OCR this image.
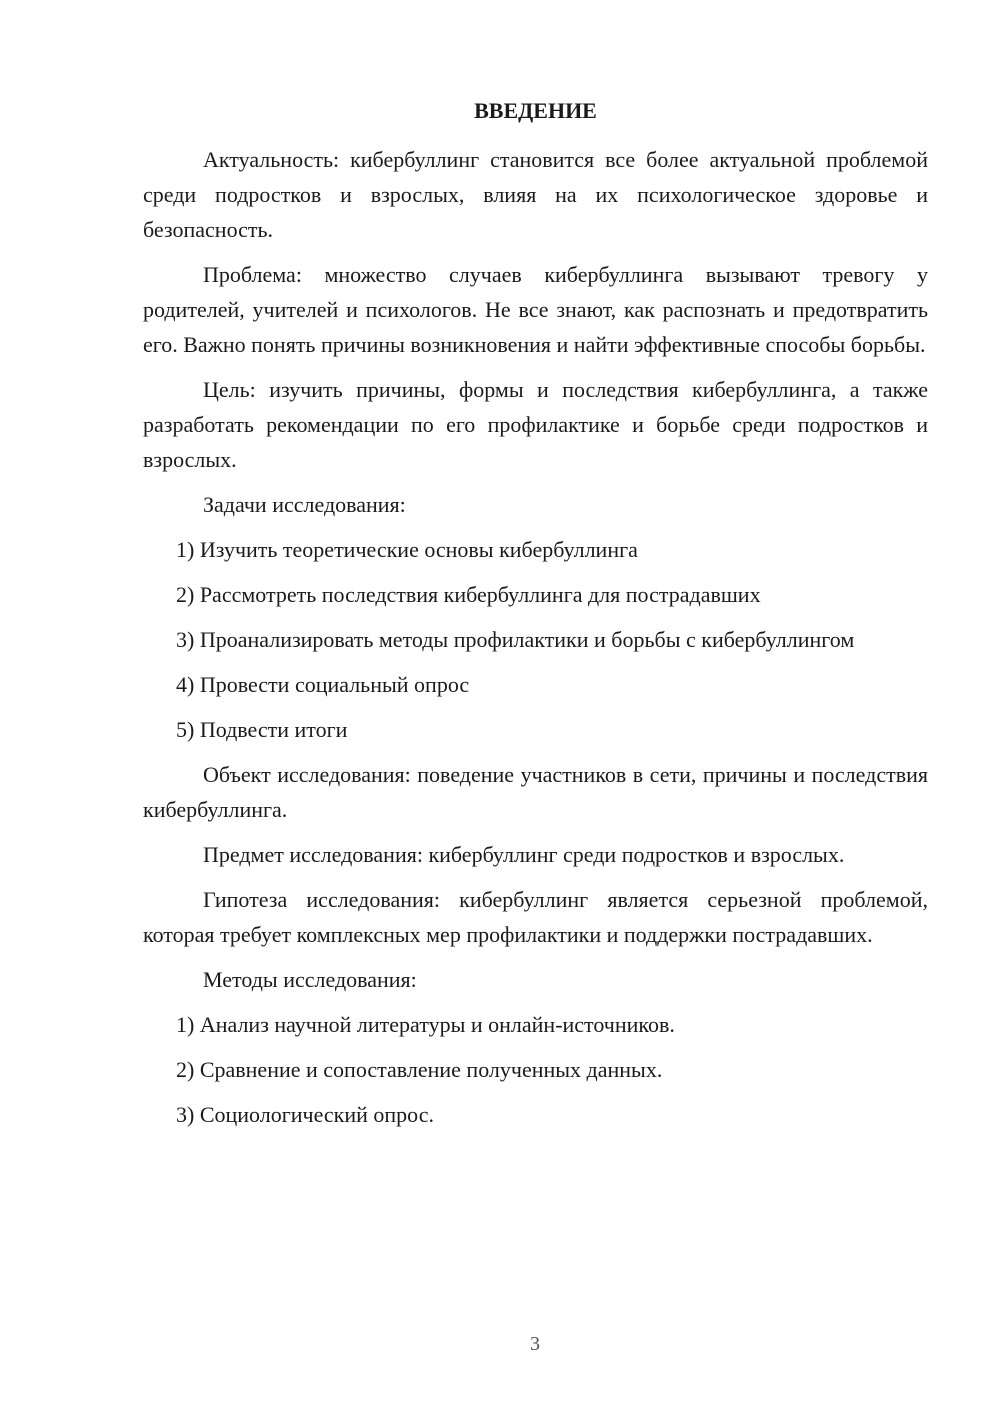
ВВЕДЕНИЕ

Актуальность: кибербуллинг становится все более актуальной проблемой среди подростков и взрослых, влияя на их психологическое здоровье и безопасность.

Проблема: множество случаев кибербуллинга вызывают тревогу у родителей, учителей и психологов. Не все знают, как распознать и предотвратить его. Важно понять причины возникновения и найти эффективные способы борьбы.

Цель: изучить причины, формы и последствия кибербуллинга, а также разработать рекомендации по его профилактике и борьбе среди подростков и взрослых.

Задачи исследования:

1) Изучить теоретические основы кибербуллинга

2) Рассмотреть последствия кибербуллинга для пострадавших

3) Проанализировать методы профилактики и борьбы с кибербуллингом

4) Провести социальный опрос

5) Подвести итоги

Объект исследования: поведение участников в сети, причины и последствия кибербуллинга.

Предмет исследования: кибербуллинг среди подростков и взрослых.

Гипотеза исследования: кибербуллинг является серьезной проблемой, которая требует комплексных мер профилактики и поддержки пострадавших.

Методы исследования:

1) Анализ научной литературы и онлайн-источников.

2) Сравнение и сопоставление полученных данных.

3) Социологический опрос.

3
